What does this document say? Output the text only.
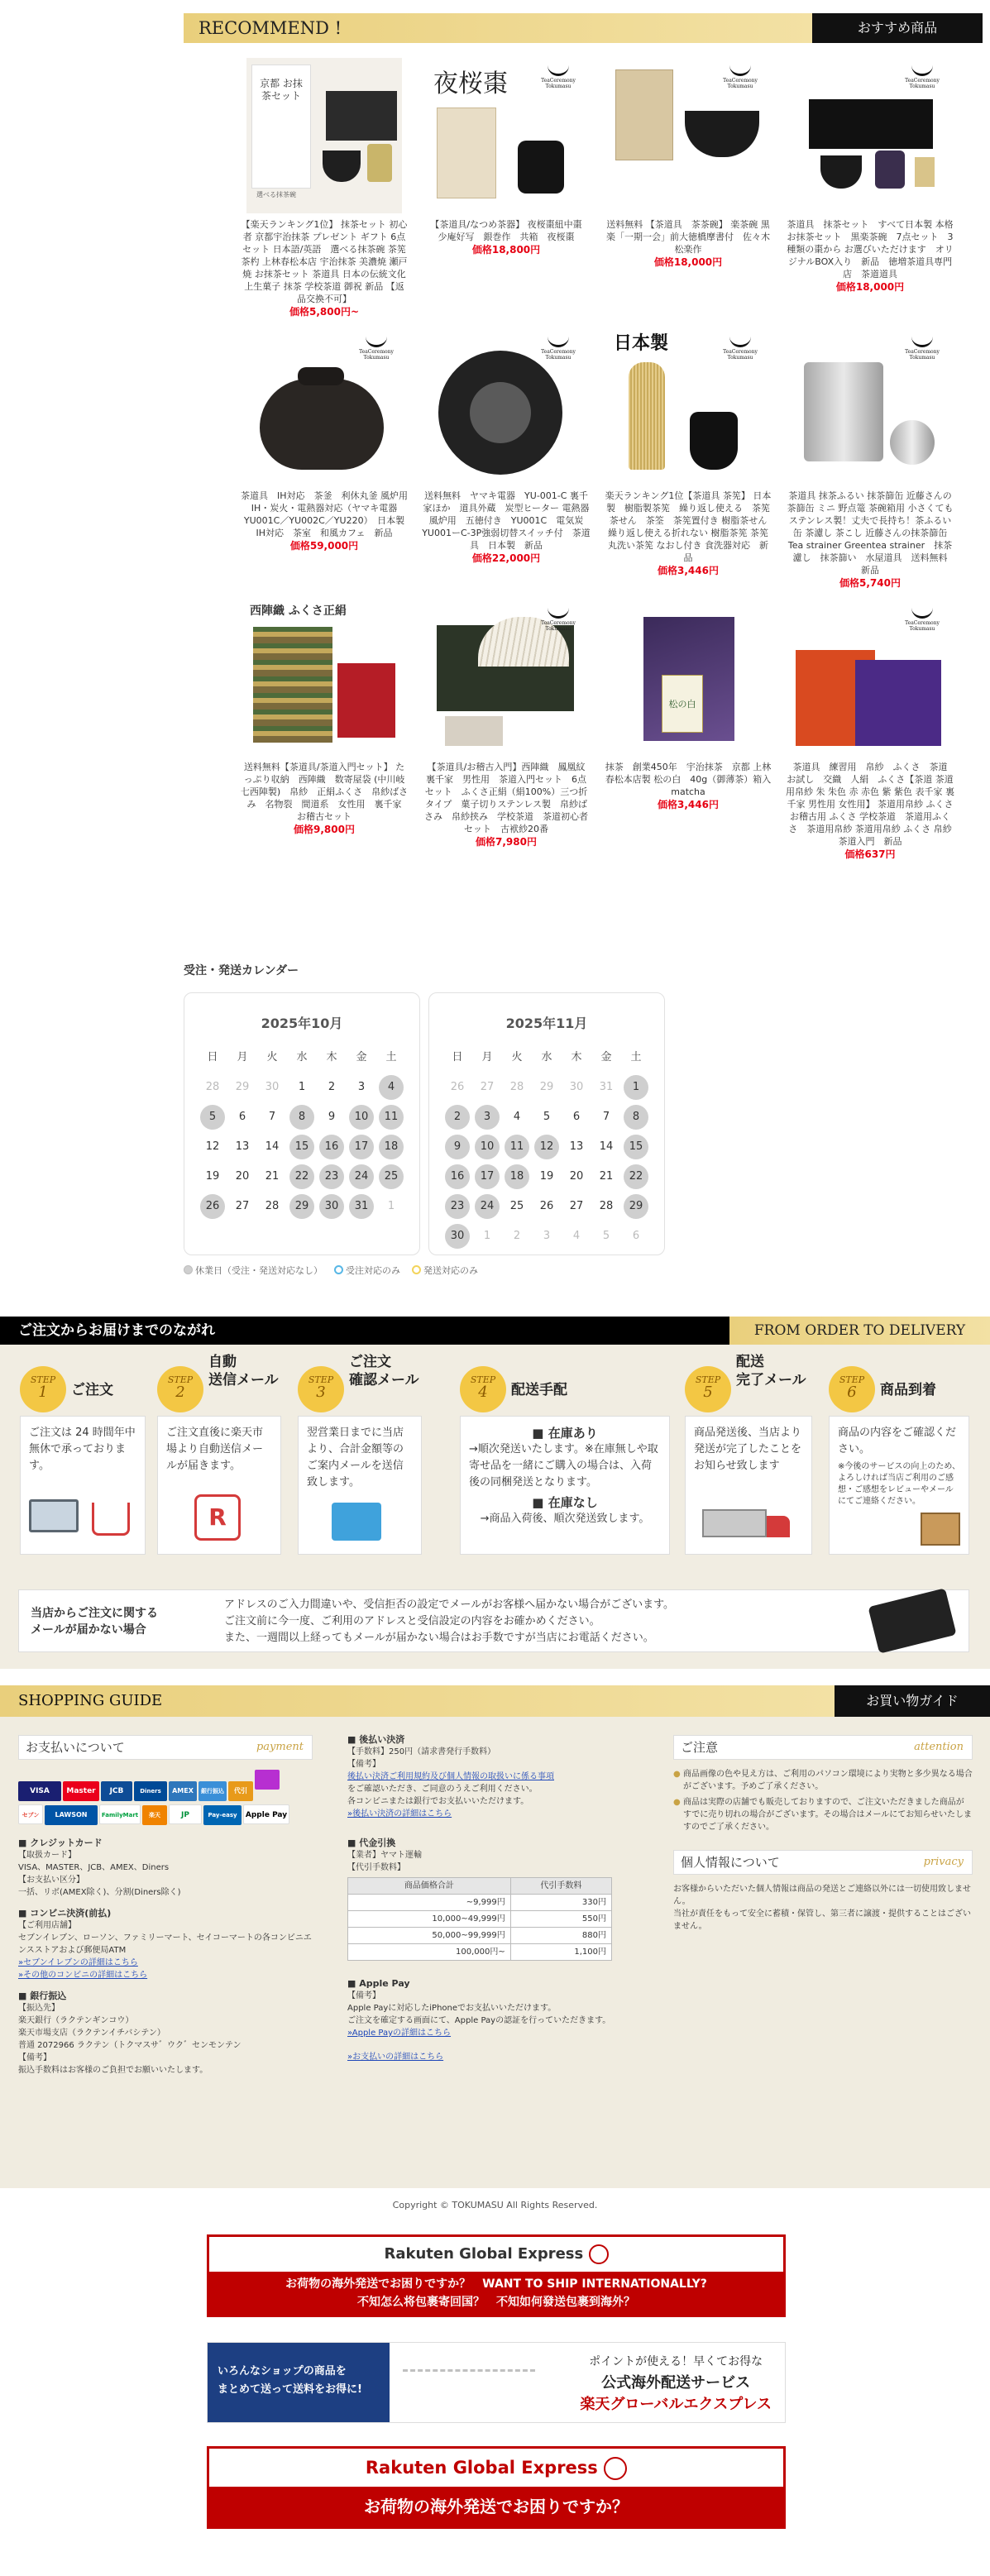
RECOMMEND !	おすすめ商品
京都 お抹茶セット
選べる抹茶碗
【楽天ランキング1位】 抹茶セット 初心者 京都宇治抹茶 プレゼント ギフト 6点セット 日本語/英語　選べる抹茶碗 茶筅 茶杓 上林春松本店 宇治抹茶 美濃焼 瀬戸焼 お抹茶セット 茶道具 日本の伝統文化 上生菓子 抹茶 学校茶道 御祝 新品 【返品交換不可】
価格5,800円~
夜桜棗	TeaCeremony
Tokumasu
【茶道具/なつめ茶器】 夜桜棗紐中棗　少庵好写　銀巻作　共箱　夜桜棗
価格18,800円
TeaCeremony
Tokumasu
送料無料 【茶道具　茶茶碗】 楽茶碗 黒楽「一期一会」前大徳橋摩書付　佐々木松楽作
価格18,000円
TeaCeremony
Tokumasu
茶道具　抹茶セット　すべて日本製 本格お抹茶セット　黒楽茶碗　7点セット　3種類の棗から お選びいただけます　オリジナルBOX入り　新品　徳増茶道具専門店　茶道道具
価格18,000円
TeaCeremony
Tokumasu
茶道具　IH対応　茶釜　利休丸釜 風炉用　IH・炭火・電熱器対応（ヤマキ電器YU001C／YU002C／YU220）　日本製　IH対応　茶室　和風カフェ　新品
価格59,000円
TeaCeremony
Tokumasu
送料無料　ヤマキ電器　YU-001-C 裏千家ほか　道具外蔵　炭型ヒーター 電熱器風炉用　五徳付き　YU001C　電気炭　YU001ーC-3P強弱切替スイッチ付　茶道具　日本製　新品
価格22,000円
日本製	TeaCeremony
Tokumasu
楽天ランキング1位【茶道具 茶筅】 日本製　樹脂製茶筅　繰り返し使える　茶筅　茶せん　茶筌　茶筅置付き 樹脂茶せん　繰り返し使える折れない 樹脂茶筅 茶筅 丸洗い茶筅 なおし付き 食洗器対応　新品
価格3,446円
TeaCeremony
Tokumasu
茶道具 抹茶ふるい 抹茶篩缶 近藤さんの茶篩缶 ミニ 野点篭 茶碗箱用 小さくてもステンレス製！丈夫で長持ち！茶ふるい缶 茶濾し 茶こし 近藤さんの抹茶篩缶 Tea strainer Greentea strainer　抹茶濾し　抹茶篩い　水屋道具　送料無料　新品
価格5,740円
西陣織 ふくさ正絹
送料無料【茶道具/茶道入門セット】 たっぷり収納　西陣織　数寄屋袋 (中川岐七西陣製)　帛紗　正絹ふくさ　帛紗ばさみ　名物裂　間道系　女性用　裏千家　お稽古セット
価格9,800円
TeaCeremony
Tokumasu
【茶道具/お稽古入門】西陣織　鳳凰紋　裏千家　男性用　茶道入門セット　6点セット　ふくさ正絹（絹100%）三つ折タイプ　菓子切りステンレス製　帛紗ばさみ　帛紗挟み　学校茶道　茶道初心者セット　古袱紗20番
価格7,980円
松の白
抹茶　創業450年　宇治抹茶　京都 上林春松本店製 松の白　40g（御薄茶）箱入　matcha
価格3,446円
TeaCeremony
Tokumasu
茶道具　練習用　帛紗　ふくさ　茶道　お試し　交織　人絹　ふくさ【茶道 茶道用帛紗 朱 朱色 赤 赤色 紫 紫色 表千家 裏千家 男性用 女性用】 茶道用帛紗 ふくさ お稽古用 ふくさ 学校茶道　茶道用ふくさ　茶道用帛紗 茶道用帛紗 ふくさ 帛紗 茶道入門　新品
価格637円
受注・発送カレンダー
2025年10月
日	月	火	水	木	金	土
28	29	30	1	2	3	4
5	6	7	8	9	10	11
12	13	14	15	16	17	18
19	20	21	22	23	24	25
26	27	28	29	30	31	1
2025年11月
日	月	火	水	木	金	土
26	27	28	29	30	31	1
2	3	4	5	6	7	8
9	10	11	12	13	14	15
16	17	18	19	20	21	22
23	24	25	26	27	28	29
30	1	2	3	4	5	6
休業日（受注・発送対応なし）	受注対応のみ	発送対応のみ
ご注文からお届けまでのながれ	FROM ORDER TO DELIVERY
STEP
1	ご注文
ご注文は 24 時間年中無休で承っております。
STEP
2
自動
送信メール
ご注文直後に楽天市場より自動送信メールが届きます。
R
STEP
3
ご注文
確認メール
翌営業日までに当店より、合計金額等のご案内メールを送信致します。
STEP
4	配送手配
■ 在庫あり
→順次発送いたします。※在庫無しや取寄せ品を一緒にご購入の場合は、入荷後の同梱発送となります。
■ 在庫なし
→商品入荷後、順次発送致します。
STEP
5
配送
完了メール
商品発送後、当店より発送が完了したことをお知らせ致します
STEP
6	商品到着
商品の内容をご確認ください。
※今後のサービスの向上のため、よろしければ当店ご利用のご感想・ご感想をレビューやメールにてご連絡ください。
当店からご注文に関する
メールが届かない場合
アドレスのご入力間違いや、受信拒否の設定でメールがお客様へ届かない場合がございます。
ご注文前に今一度、ご利用のアドレスと受信設定の内容をお確かめください。
また、一週間以上経ってもメールが届かない場合はお手数ですが当店にお電話ください。
SHOPPING GUIDE	お買い物ガイド
お支払いについて	payment
VISA Master JCB	Diners AMEX 銀行振込 代引
セブン LAWSON FamilyMart 楽天	JP	Pay-easy Apple Pay
■ クレジットカード
【取扱カード】
VISA、MASTER、JCB、AMEX、Diners
【お支払い区分】
一括、リボ(AMEX除く)、分割(Diners除く)
■ コンビニ決済(前払)
【ご利用店舗】
セブンイレブン、ローソン、ファミリーマート、セイコーマートの各コンビニエンスストアおよび郵便局ATM
»セブンイレブンの詳細はこちら
»その他のコンビニの詳細はこちら
■ 銀行振込
【振込先】
楽天銀行（ラクテンギンコウ）
楽天市場支店（ラクテンイチバシテン）
普通 2072966 ラクテン（トクマスサ゛ウク゛センモンテン
【備考】
振込手数料はお客様のご負担でお願いいたします。
■ 後払い決済
【手数料】250円（請求書発行手数料）
【備考】
後払い決済ご利用規約及び個人情報の取扱いに係る事項
をご確認いただき、ご同意のうえご利用ください。
各コンビニまたは銀行でお支払いいただけます。
»後払い決済の詳細はこちら
■ 代金引換
【業者】ヤマト運輸
【代引手数料】
商品価格合計	代引手数料
~9,999円	330円
10,000~49,999円	550円
50,000~99,999円	880円
100,000円~	1,100円
■ Apple Pay
【備考】
Apple Payに対応したiPhoneでお支払いいただけます。
ご注文を確定する画面にて、Apple Payの認証を行っていただきます。
»Apple Payの詳細はこちら
»お支払いの詳細はこちら
ご注意	attention
● 商品画像の色や見え方は、ご利用のパソコン環境により実物と多少異なる場合がございます。予めご了承ください。
● 商品は実際の店舗でも販売しておりますので、ご注文いただきました商品がすでに売り切れの場合がございます。その場合はメールにてお知らせいたしますのでご了承ください。
個人情報について	privacy
お客様からいただいた個人情報は商品の発送とご連絡以外には一切使用致しません。
当社が責任をもって安全に蓄積・保管し、第三者に譲渡・提供することはございません。
Copyright © TOKUMASU All Rights Reserved.
Rakuten Global Express
お荷物の海外発送でお困りですか？　WANT TO SHIP INTERNATIONALLY?
不知怎么将包裹寄回国？　不知如何發送包裹到海外？
いろんなショップの商品を
まとめて送って送料をお得に!
ポイントが使える！早くてお得な
公式海外配送サービス
楽天グローバルエクスプレス
Rakuten Global Express
お荷物の海外発送でお困りですか？
